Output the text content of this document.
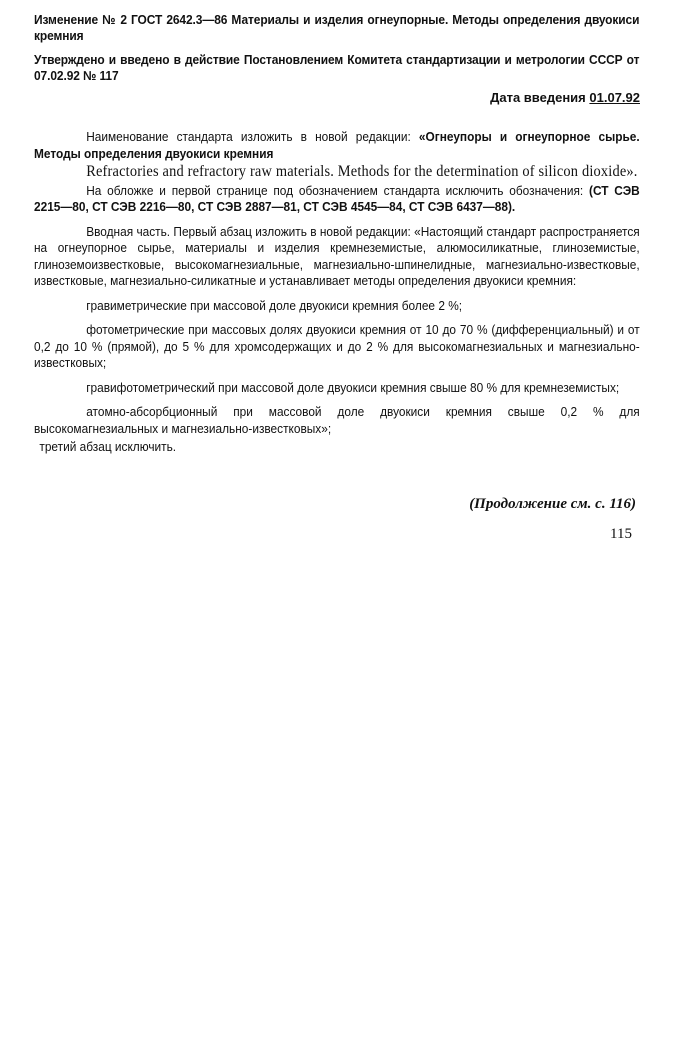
Изменение № 2 ГОСТ 2642.3—86 Материалы и изделия огнеупорные. Методы определения двуокиси кремния
Утверждено и введено в действие Постановлением Комитета стандартизации и метрологии СССР от 07.02.92 № 117
Дата введения 01.07.92

Наименование стандарта изложить в новой редакции: «Огнеупоры и огнеупорное сырье. Методы определения двуокиси кремния

Refractories and refractory raw materials. Methods for the determination of silicon dioxide».

На обложке и первой странице под обозначением стандарта исключить обозначения: (СТ СЭВ 2215—80, СТ СЭВ 2216—80, СТ СЭВ 2887—81, СТ СЭВ 4545—84, СТ СЭВ 6437—88).

Вводная часть. Первый абзац изложить в новой редакции: «Настоящий стандарт распространяется на огнеупорное сырье, материалы и изделия кремнеземистые, алюмосиликатные, глиноземистые, глиноземоизвестковые, высокомагнезиальные, магнезиально-шпинелидные, магнезиально-известковые, известковые, магнезиально-силикатные и устанавливает методы определения двуокиси кремния:

гравиметрические при массовой доле двуокиси кремния более 2 %;

фотометрические при массовых долях двуокиси кремния от 10 до 70 % (дифференциальный) и от 0,2 до 10 % (прямой), до 5 % для хромсодержащих и до 2 % для высокомагнезиальных и магнезиально-известковых;

гравифотометрический при массовой доле двуокиси кремния свыше 80 % для кремнеземистых;

атомно-абсорбционный при массовой доле двуокиси кремния свыше 0,2 % для высокомагнезиальных и магнезиально-известковых»;

третий абзац исключить.

(Продолжение см. с. 116)
115
